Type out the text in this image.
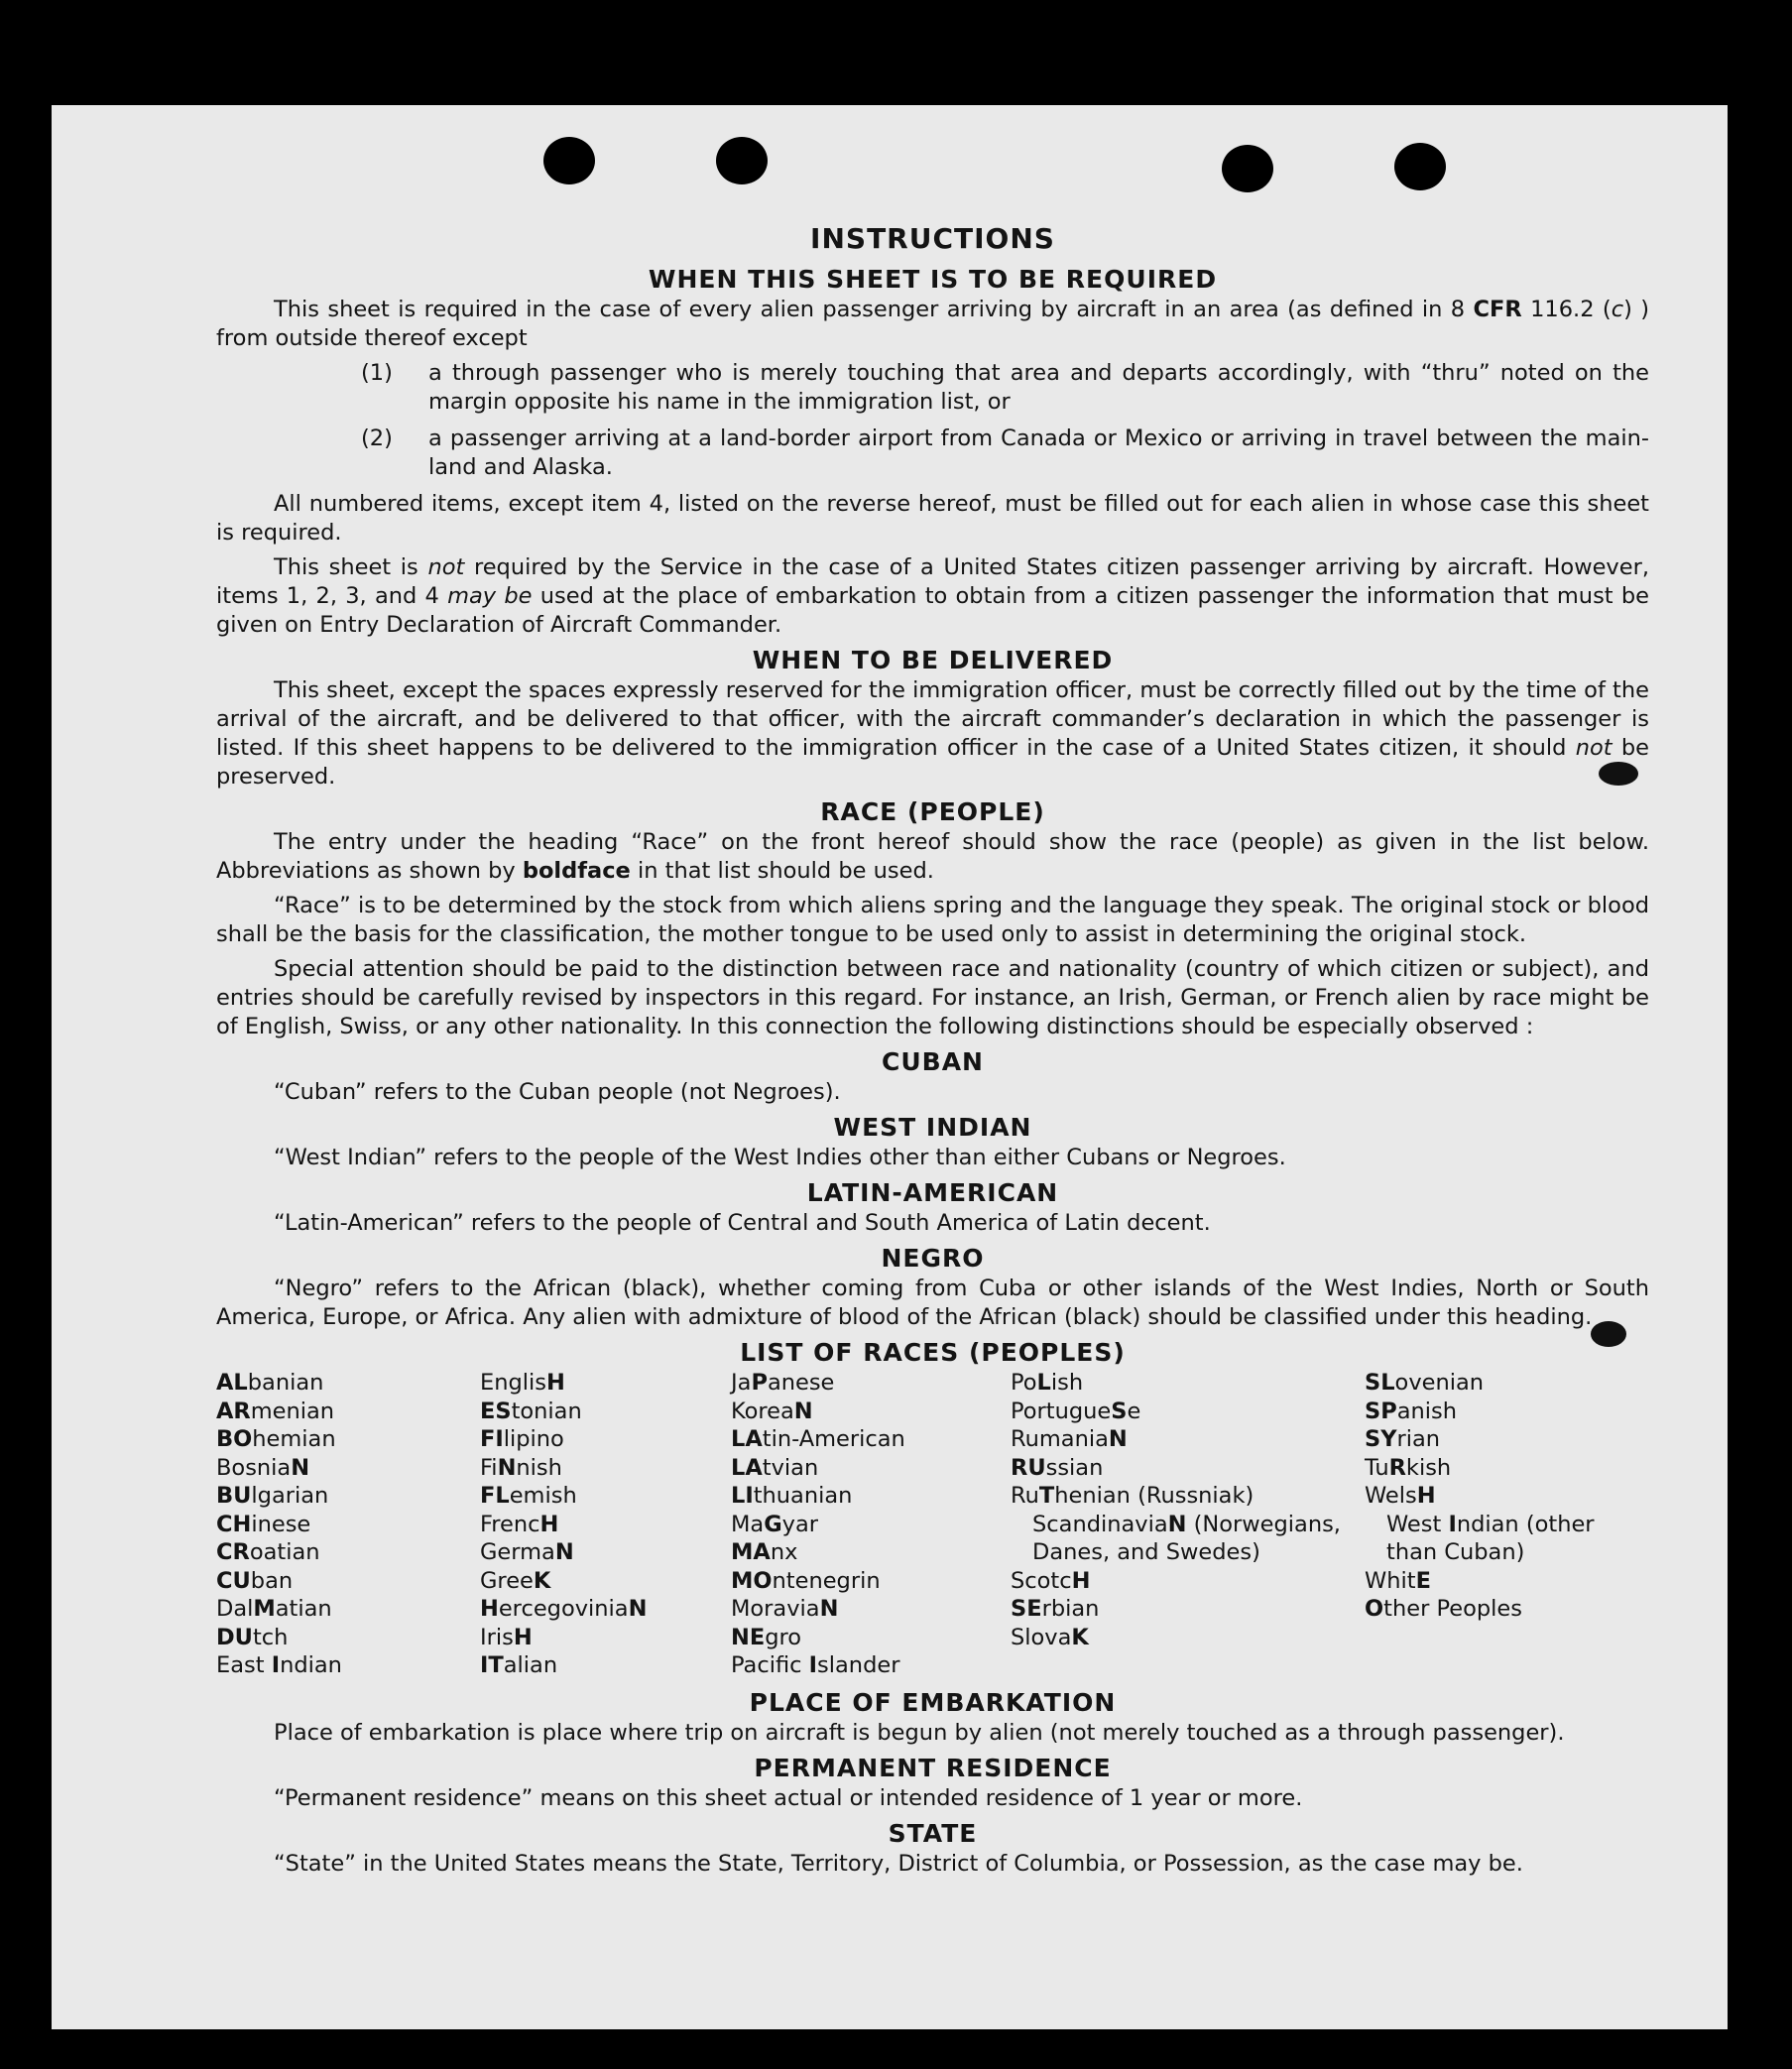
INSTRUCTIONS
WHEN THIS SHEET IS TO BE REQUIRED

This sheet is required in the case of every alien passenger arriving by aircraft in an area (as defined in 8 CFR 116.2 (c) ) from outside thereof except

(1)	a through passenger who is merely touching that area and departs accordingly, with “thru” noted on the margin opposite his name in the immigration list, or
(2)	a passenger arriving at a land-border airport from Canada or Mexico or arriving in travel between the main-land and Alaska.

All numbered items, except item 4, listed on the reverse hereof, must be filled out for each alien in whose case this sheet is required.

This sheet is not required by the Service in the case of a United States citizen passenger arriving by aircraft. However, items 1, 2, 3, and 4 may be used at the place of embarkation to obtain from a citizen passenger the information that must be given on Entry Declaration of Aircraft Commander.

WHEN TO BE DELIVERED

This sheet, except the spaces expressly reserved for the immigration officer, must be correctly filled out by the time of the arrival of the aircraft, and be delivered to that officer, with the aircraft commander’s declaration in which the passenger is listed. If this sheet happens to be delivered to the immigration officer in the case of a United States citizen, it should not be preserved.

RACE (PEOPLE)

The entry under the heading “Race” on the front hereof should show the race (people) as given in the list below. Abbreviations as shown by boldface in that list should be used.

“Race” is to be determined by the stock from which aliens spring and the language they speak. The original stock or blood shall be the basis for the classification, the mother tongue to be used only to assist in determining the original stock.

Special attention should be paid to the distinction between race and nationality (country of which citizen or subject), and entries should be carefully revised by inspectors in this regard. For instance, an Irish, German, or French alien by race might be of English, Swiss, or any other nationality. In this connection the following distinctions should be especially observed :

CUBAN

“Cuban” refers to the Cuban people (not Negroes).

WEST INDIAN

“West Indian” refers to the people of the West Indies other than either Cubans or Negroes.

LATIN-AMERICAN

“Latin-American” refers to the people of Central and South America of Latin decent.

NEGRO

“Negro” refers to the African (black), whether coming from Cuba or other islands of the West Indies, North or South America, Europe, or Africa. Any alien with admixture of blood of the African (black) should be classified under this heading.

LIST OF RACES (PEOPLES)
ALbanian
ARmenian
BOhemian
BosniaN
BUlgarian
CHinese
CRoatian
CUban
DalMatian
DUtch
East Indian
EnglisH
EStonian
FIlipino
FiNnish
FLemish
FrencH
GermaN
GreeK
HercegoviniaN
IrisH
ITalian
JaPanese
KoreaN
LAtin-American
LAtvian
LIthuanian
MaGyar
MAnx
MOntenegrin
MoraviaN
NEgro
Pacific Islander
PoLish
PortugueSe
RumaniaN
RUssian
RuThenian (Russniak)
ScandinaviaN (Norwegians, Danes, and Swedes)
ScotcH
SErbian
SlovaK
SLovenian
SPanish
SYrian
TuRkish
WelsH
West Indian (other than Cuban)
WhitE
Other Peoples
PLACE OF EMBARKATION

Place of embarkation is place where trip on aircraft is begun by alien (not merely touched as a through passenger).

PERMANENT RESIDENCE

“Permanent residence” means on this sheet actual or intended residence of 1 year or more.

STATE

“State” in the United States means the State, Territory, District of Columbia, or Possession, as the case may be.
